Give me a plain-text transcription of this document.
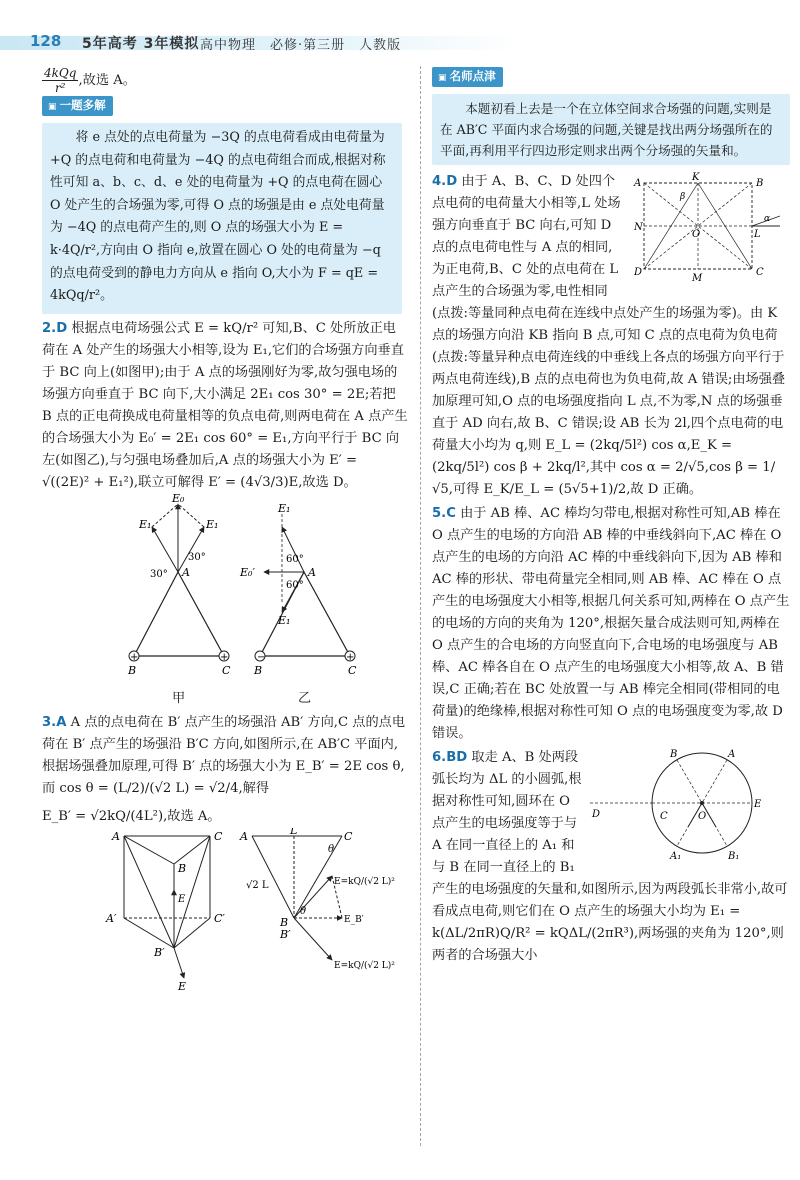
128 5年高考 3年模拟 高中物理　必修·第三册　人教版

$\frac{\text{4kQq}}{\text{r²}}$ ,故选 A。

▣ 一题多解

将 e 点处的点电荷量为 −3Q 的点电荷看成由电荷量为 +Q 的点电荷和电荷量为 −4Q 的点电荷组合而成,根据对称性可知 a、b、c、d、e 处的电荷量为 +Q 的点电荷在圆心 O 处产生的合场强为零,可得 O 点的场强是由 e 点处电荷量为 −4Q 的点电荷产生的,则 O 点的场强大小为 E = k·4Q/r²,方向由 O 指向 e,放置在圆心 O 处的电荷量为 −q 的点电荷受到的静电力方向从 e 指向 O,大小为 F = qE = 4kQq/r²。

2.D 根据点电荷场强公式 E = kQ/r² 可知,B、C 处所放正电荷在 A 处产生的场强大小相等,设为 E₁,它们的合场强方向垂直于 BC 向上(如图甲);由于 A 点的场强刚好为零,故匀强电场的场强方向垂直于 BC 向下,大小满足 2E₁ cos 30° = 2E;若把 B 点的正电荷换成电荷量相等的负点电荷,则两电荷在 A 点产生的合场强大小为 E₀′ = 2E₁ cos 60° = E₁,方向平行于 BC 向左(如图乙),与匀强电场叠加后,A 点的场强大小为 E′ = √((2E)² + E₁²),联立可解得 E′ = (4√3/3)E,故选 D。

+	+
E₀
E₁	E₁
A
30°
30°
B	C
−	+
E₁
E₁
E₀′	A
60°
60°
B	C
甲	乙

3.A A 点的点电荷在 B′ 点产生的场强沿 AB′ 方向,C 点的点电荷在 B′ 点产生的场强沿 B′C 方向,如图所示,在 AB′C 平面内,根据场强叠加原理,可得 B′ 点的场强大小为 E_B′ = 2E cos θ,而 cos θ = (L/2)/(√2 L) = √2/4,解得

E_B′ = √2kQ/(4L²),故选 A。

A	C
B
A′	C′
B′
E
E
A	L	C
θ
θ
B
B′
√2 L	E=kQ/(√2 L)²
E_B′
E=kQ/(√2 L)²
▣ 名师点津

本题初看上去是一个在立体空间求合场强的问题,实则是在 AB′C 平面内求合场强的问题,关键是找出两分场强所在的平面,再利用平行四边形定则求出两个分场强的矢量和。

A	B
D	C
K
N
M
L
O
α
β

4.D 由于 A、B、C、D 处四个点电荷的电荷量大小相等,L 处场强方向垂直于 BC 向右,可知 D 点的点电荷电性与 A 点的相同,为正电荷,B、C 处的点电荷在 L 点产生的合场强为零,电性相同(点拨:等量同种点电荷在连线中点处产生的场强为零)。由 K 点的场强方向沿 KB 指向 B 点,可知 C 点的点电荷为负电荷(点拨:等量异种点电荷连线的中垂线上各点的场强方向平行于两点电荷连线),B 点的点电荷也为负电荷,故 A 错误;由场强叠加原理可知,O 点的电场强度指向 L 点,不为零,N 点的场强垂直于 AD 向右,故 B、C 错误;设 AB 长为 2l,四个点电荷的电荷量大小均为 q,则 E_L = (2kq/5l²) cos α,E_K = (2kq/5l²) cos β + 2kq/l²,其中 cos α = 2/√5,cos β = 1/√5,可得 E_K/E_L = (5√5+1)/2,故 D 正确。

5.C 由于 AB 棒、AC 棒均匀带电,根据对称性可知,AB 棒在 O 点产生的电场的方向沿 AB 棒的中垂线斜向下,AC 棒在 O 点产生的电场的方向沿 AC 棒的中垂线斜向下,因为 AB 棒和 AC 棒的形状、带电荷量完全相同,则 AB 棒、AC 棒在 O 点产生的电场强度大小相等,根据几何关系可知,两棒在 O 点产生的电场的方向的夹角为 120°,根据矢量合成法则可知,两棒在 O 点产生的合电场的方向竖直向下,合电场的电场强度与 AB 棒、AC 棒各自在 O 点产生的电场强度大小相等,故 A、B 错误,C 正确;若在 BC 处放置一与 AB 棒完全相同(带相同的电荷量)的绝缘棒,根据对称性可知 O 点的电场强度变为零,故 D 错误。

B	A
E
C	O
D
A₁	B₁

6.BD 取走 A、B 处两段弧长均为 ΔL 的小圆弧,根据对称性可知,圆环在 O 点产生的电场强度等于与 A 在同一直径上的 A₁ 和与 B 在同一直径上的 B₁ 产生的电场强度的矢量和,如图所示,因为两段弧长非常小,故可看成点电荷,则它们在 O 点产生的场强大小均为 E₁ = k(ΔL/2πR)Q/R² = kQΔL/(2πR³),两场强的夹角为 120°,则两者的合场强大小
